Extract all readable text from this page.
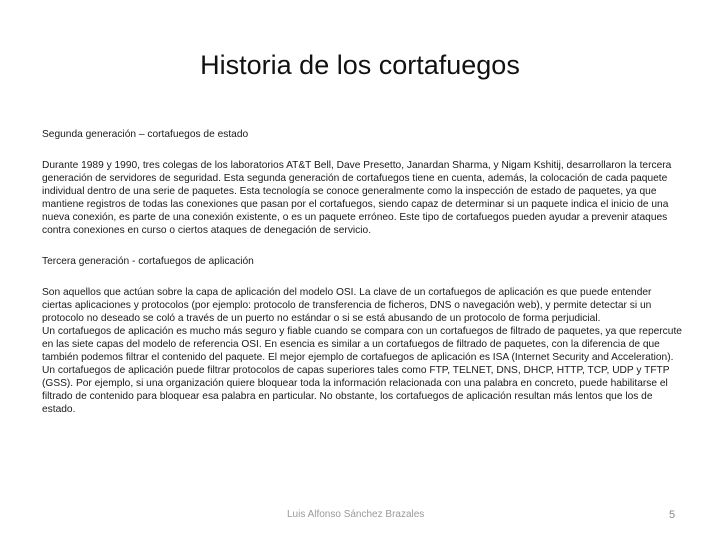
Historia de los cortafuegos

Segunda generación – cortafuegos de estado

Durante 1989 y 1990, tres colegas de los laboratorios AT&T Bell, Dave Presetto, Janardan Sharma, y Nigam Kshitij, desarrollaron la tercera generación de servidores de seguridad. Esta segunda generación de cortafuegos tiene en cuenta, además, la colocación de cada paquete individual dentro de una serie de paquetes. Esta tecnología se conoce generalmente como la inspección de estado de paquetes, ya que mantiene registros de todas las conexiones que pasan por el cortafuegos, siendo capaz de determinar si un paquete indica el inicio de una nueva conexión, es parte de una conexión existente, o es un paquete erróneo. Este tipo de cortafuegos pueden ayudar a prevenir ataques contra conexiones en curso o ciertos ataques de denegación de servicio.

Tercera generación - cortafuegos de aplicación

Son aquellos que actúan sobre la capa de aplicación del modelo OSI. La clave de un cortafuegos de aplicación es que puede entender ciertas aplicaciones y protocolos (por ejemplo: protocolo de transferencia de ficheros, DNS o navegación web), y permite detectar si un protocolo no deseado se coló a través de un puerto no estándar o si se está abusando de un protocolo de forma perjudicial.

Un cortafuegos de aplicación es mucho más seguro y fiable cuando se compara con un cortafuegos de filtrado de paquetes, ya que repercute en las siete capas del modelo de referencia OSI. En esencia es similar a un cortafuegos de filtrado de paquetes, con la diferencia de que también podemos filtrar el contenido del paquete. El mejor ejemplo de cortafuegos de aplicación es ISA (Internet Security and Acceleration).

Un cortafuegos de aplicación puede filtrar protocolos de capas superiores tales como FTP, TELNET, DNS, DHCP, HTTP, TCP, UDP y TFTP (GSS). Por ejemplo, si una organización quiere bloquear toda la información relacionada con una palabra en concreto, puede habilitarse el filtrado de contenido para bloquear esa palabra en particular. No obstante, los cortafuegos de aplicación resultan más lentos que los de estado.

Luis Alfonso Sánchez Brazales	5
